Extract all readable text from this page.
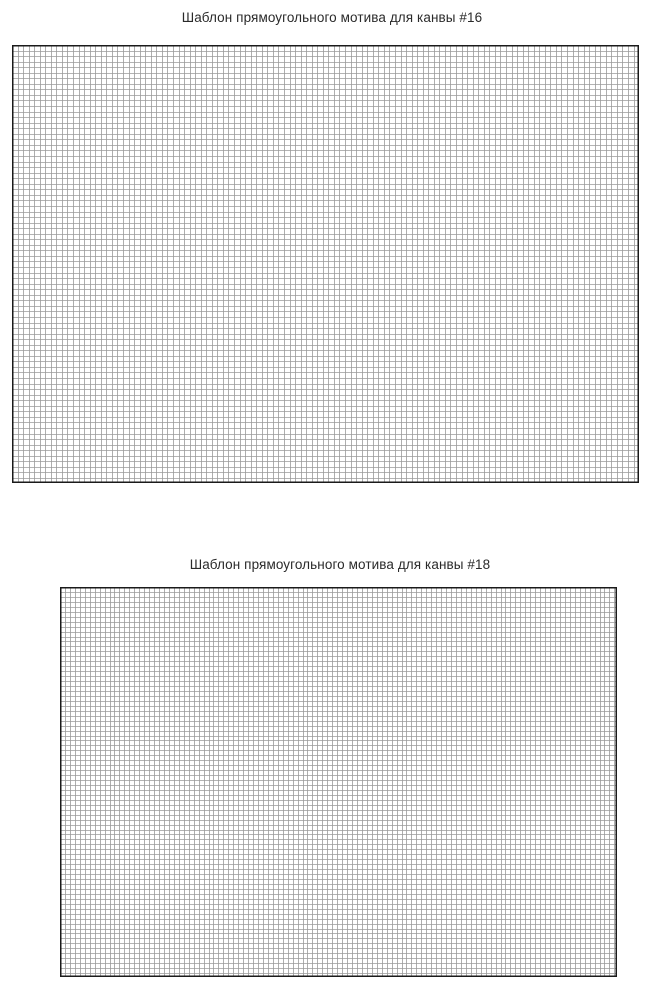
Шаблон прямоугольного мотива для канвы #16
Шаблон прямоугольного мотива для канвы #18
